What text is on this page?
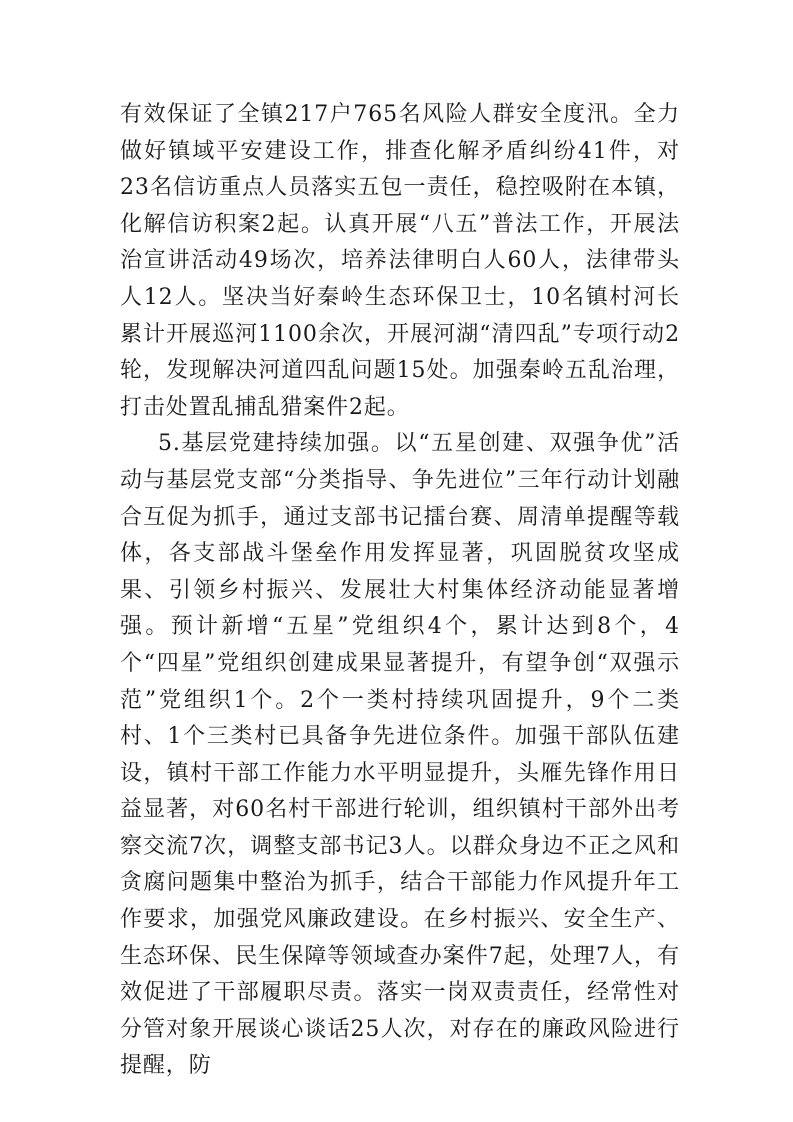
有效保证了全镇217户765名风险人群安全度汛。全力做好镇域平安建设工作，排查化解矛盾纠纷41件，对23名信访重点人员落实五包一责任，稳控吸附在本镇，化解信访积案2起。认真开展“八五”普法工作，开展法治宣讲活动49场次，培养法律明白人60人，法律带头人12人。坚决当好秦岭生态环保卫士，10名镇村河长累计开展巡河1100余次，开展河湖“清四乱”专项行动2轮，发现解决河道四乱问题15处。加强秦岭五乱治理，打击处置乱捕乱猎案件2起。

5.基层党建持续加强。以“五星创建、双强争优”活动与基层党支部“分类指导、争先进位”三年行动计划融合互促为抓手，通过支部书记擂台赛、周清单提醒等载体，各支部战斗堡垒作用发挥显著，巩固脱贫攻坚成果、引领乡村振兴、发展壮大村集体经济动能显著增强。预计新增“五星”党组织4个，累计达到8个，4个“四星”党组织创建成果显著提升，有望争创“双强示范”党组织1个。2个一类村持续巩固提升，9个二类村、1个三类村已具备争先进位条件。加强干部队伍建设，镇村干部工作能力水平明显提升，头雁先锋作用日益显著，对60名村干部进行轮训，组织镇村干部外出考察交流7次，调整支部书记3人。以群众身边不正之风和贪腐问题集中整治为抓手，结合干部能力作风提升年工作要求，加强党风廉政建设。在乡村振兴、安全生产、生态环保、民生保障等领域查办案件7起，处理7人，有效促进了干部履职尽责。落实一岗双责责任，经常性对分管对象开展谈心谈话25人次，对存在的廉政风险进行提醒，防
